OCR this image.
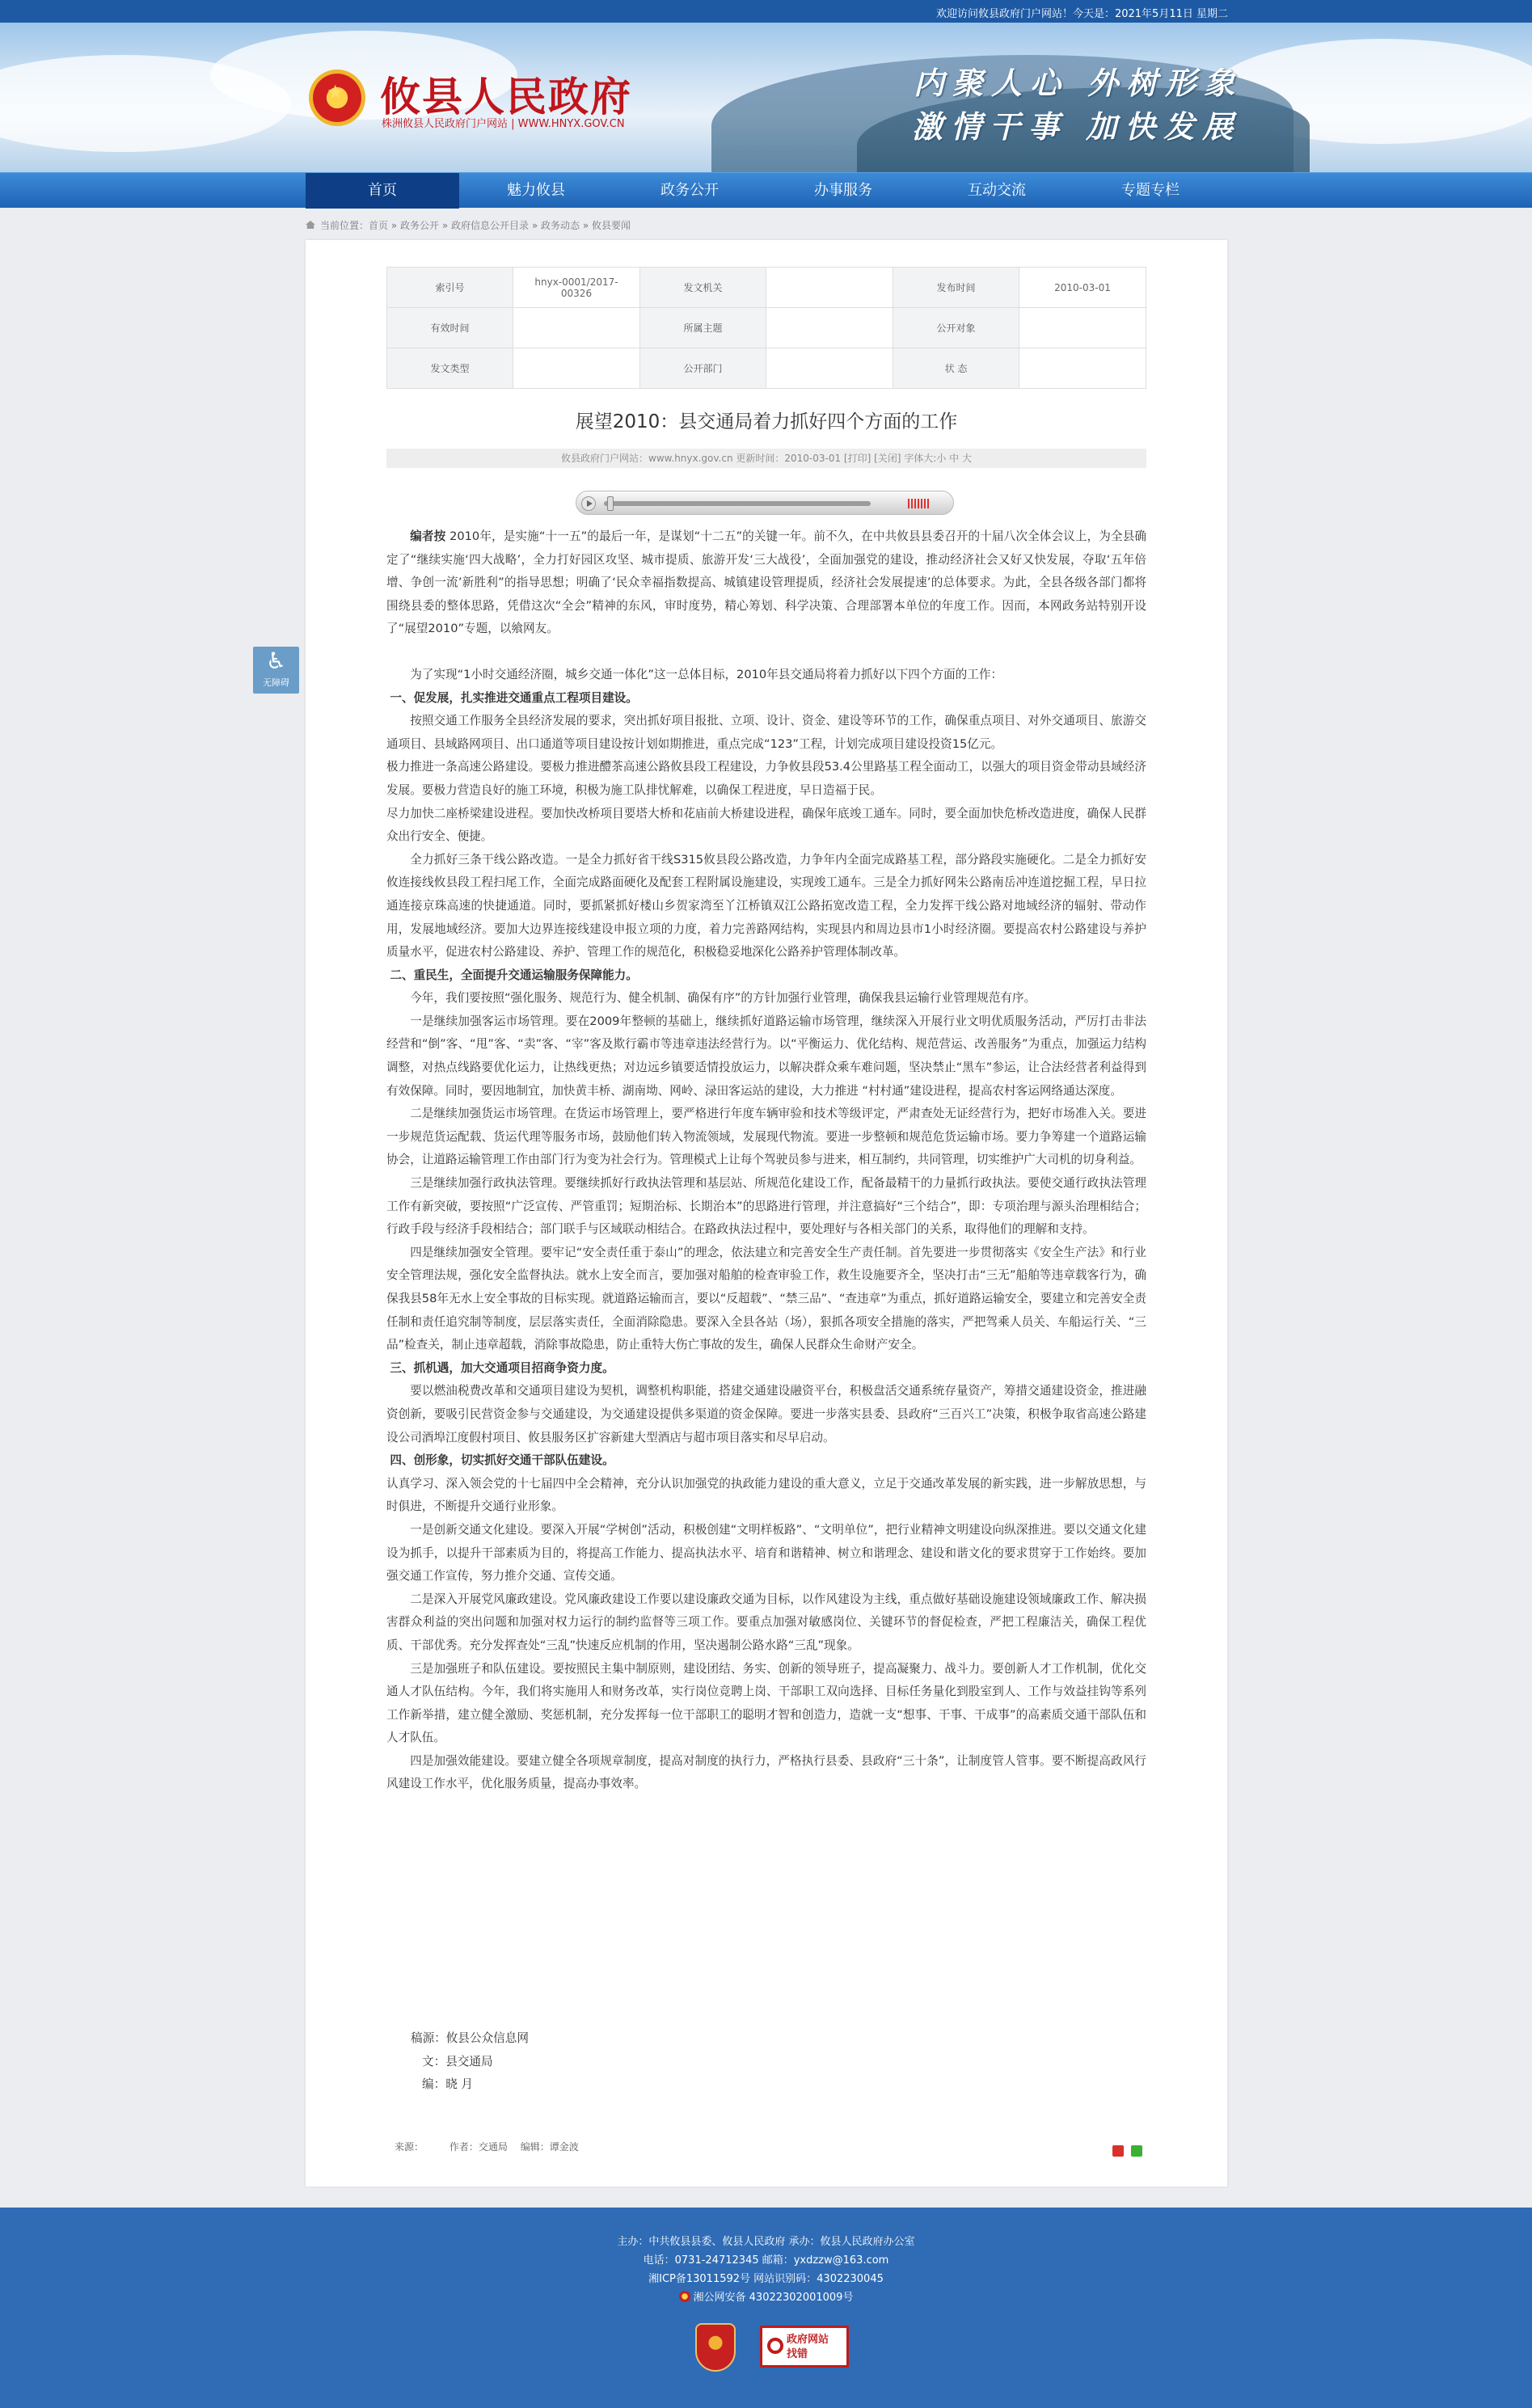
欢迎访问攸县政府门户网站！今天是：2021年5月11日 星期二
★ 攸县人民政府
株洲攸县人民政府门户网站 | WWW.HNYX.GOV.CN
内聚人心 外树形象
激情干事 加快发展
首页	魅力攸县	政务公开	办事服务	互动交流	专题专栏
当前位置：首页 » 政务公开 » 政府信息公开目录 » 政务动态 » 攸县要闻
♿
无障碍
索引号	hnyx-0001/2017-00326	发文机关		发布时间	2010-03-01
有效时间		所属主题		公开对象	
发文类型		公开部门		状 态	
展望2010：县交通局着力抓好四个方面的工作
攸县政府门户网站：www.hnyx.gov.cn 更新时间：2010-03-01 [打印] [关闭] 字体大:小 中 大

编者按 2010年，是实施“十一五”的最后一年，是谋划“十二五”的关键一年。前不久，在中共攸县县委召开的十届八次全体会议上，为全县确定了“继续实施‘四大战略’，全力打好园区攻坚、城市提质、旅游开发‘三大战役’，全面加强党的建设，推动经济社会又好又快发展，夺取‘五年倍增、争创一流’新胜利”的指导思想；明确了‘民众幸福指数提高、城镇建设管理提质，经济社会发展提速’的总体要求。为此，全县各级各部门都将围绕县委的整体思路，凭借这次“全会”精神的东风，审时度势，精心筹划、科学决策、合理部署本单位的年度工作。因而，本网政务站特别开设了“展望2010”专题，以飨网友。

为了实现“1小时交通经济圈，城乡交通一体化”这一总体目标，2010年县交通局将着力抓好以下四个方面的工作：

一、促发展，扎实推进交通重点工程项目建设。

按照交通工作服务全县经济发展的要求，突出抓好项目报批、立项、设计、资金、建设等环节的工作，确保重点项目、对外交通项目、旅游交通项目、县域路网项目、出口通道等项目建设按计划如期推进，重点完成“123”工程，计划完成项目建设投资15亿元。

极力推进一条高速公路建设。要极力推进醴茶高速公路攸县段工程建设，力争攸县段53.4公里路基工程全面动工，以强大的项目资金带动县域经济发展。要极力营造良好的施工环境，积极为施工队排忧解难，以确保工程进度，早日造福于民。

尽力加快二座桥梁建设进程。要加快改桥项目要塔大桥和花庙前大桥建设进程，确保年底竣工通车。同时，要全面加快危桥改造进度，确保人民群众出行安全、便捷。

全力抓好三条干线公路改造。一是全力抓好省干线S315攸县段公路改造，力争年内全面完成路基工程，部分路段实施硬化。二是全力抓好安攸连接线攸县段工程扫尾工作，全面完成路面硬化及配套工程附属设施建设，实现竣工通车。三是全力抓好网朱公路南岳冲连道挖掘工程，早日拉通连接京珠高速的快捷通道。同时，要抓紧抓好楼山乡贺家湾至丫江桥镇双江公路拓宽改造工程，全力发挥干线公路对地域经济的辐射、带动作用，发展地域经济。要加大边界连接线建设申报立项的力度，着力完善路网结构，实现县内和周边县市1小时经济圈。要提高农村公路建设与养护质量水平，促进农村公路建设、养护、管理工作的规范化，积极稳妥地深化公路养护管理体制改革。

二、重民生，全面提升交通运输服务保障能力。

今年，我们要按照“强化服务、规范行为、健全机制、确保有序”的方针加强行业管理，确保我县运输行业管理规范有序。

一是继续加强客运市场管理。要在2009年整顿的基础上，继续抓好道路运输市场管理，继续深入开展行业文明优质服务活动，严厉打击非法经营和“倒”客、“甩”客、“卖”客、“宰”客及欺行霸市等违章违法经营行为。以“平衡运力、优化结构、规范营运、改善服务”为重点，加强运力结构调整，对热点线路要优化运力，让热线更热；对边远乡镇要适情投放运力，以解决群众乘车难问题，坚决禁止“黑车”参运，让合法经营者利益得到有效保障。同时，要因地制宜，加快黄丰桥、湖南坳、网岭、渌田客运站的建设，大力推进 “村村通”建设进程，提高农村客运网络通达深度。

二是继续加强货运市场管理。在货运市场管理上，要严格进行年度车辆审验和技术等级评定，严肃查处无证经营行为，把好市场准入关。要进一步规范货运配载、货运代理等服务市场，鼓励他们转入物流领域，发展现代物流。要进一步整顿和规范危货运输市场。要力争筹建一个道路运输协会，让道路运输管理工作由部门行为变为社会行为。管理模式上让每个驾驶员参与进来，相互制约，共同管理，切实维护广大司机的切身利益。

三是继续加强行政执法管理。要继续抓好行政执法管理和基层站、所规范化建设工作，配备最精干的力量抓行政执法。要使交通行政执法管理工作有新突破，要按照“广泛宣传、严管重罚；短期治标、长期治本”的思路进行管理，并注意搞好“三个结合”，即：专项治理与源头治理相结合；行政手段与经济手段相结合；部门联手与区域联动相结合。在路政执法过程中，要处理好与各相关部门的关系，取得他们的理解和支持。

四是继续加强安全管理。要牢记“安全责任重于泰山”的理念，依法建立和完善安全生产责任制。首先要进一步贯彻落实《安全生产法》和行业安全管理法规，强化安全监督执法。就水上安全而言，要加强对船舶的检查审验工作，救生设施要齐全，坚决打击“三无”船舶等违章载客行为，确保我县58年无水上安全事故的目标实现。就道路运输而言，要以“反超载”、“禁三品”、“查违章”为重点，抓好道路运输安全，要建立和完善安全责任制和责任追究制等制度，层层落实责任，全面消除隐患。要深入全县各站（场），狠抓各项安全措施的落实，严把驾乘人员关、车船运行关、“三品”检查关，制止违章超载，消除事故隐患，防止重特大伤亡事故的发生，确保人民群众生命财产安全。

三、抓机遇，加大交通项目招商争资力度。

要以燃油税费改革和交通项目建设为契机，调整机构职能，搭建交通建设融资平台，积极盘活交通系统存量资产，筹措交通建设资金，推进融资创新，要吸引民营资金参与交通建设，为交通建设提供多渠道的资金保障。要进一步落实县委、县政府“三百兴工”决策，积极争取省高速公路建设公司酒埠江度假村项目、攸县服务区扩容新建大型酒店与超市项目落实和尽早启动。

四、创形象，切实抓好交通干部队伍建设。

认真学习、深入领会党的十七届四中全会精神，充分认识加强党的执政能力建设的重大意义，立足于交通改革发展的新实践，进一步解放思想，与时俱进，不断提升交通行业形象。

一是创新交通文化建设。要深入开展“学树创”活动，积极创建“文明样板路”、“文明单位”，把行业精神文明建设向纵深推进。要以交通文化建设为抓手，以提升干部素质为目的，将提高工作能力、提高执法水平、培育和谐精神、树立和谐理念、建设和谐文化的要求贯穿于工作始终。要加强交通工作宣传，努力推介交通、宣传交通。

二是深入开展党风廉政建设。党风廉政建设工作要以建设廉政交通为目标，以作风建设为主线，重点做好基础设施建设领域廉政工作、解决损害群众利益的突出问题和加强对权力运行的制约监督等三项工作。要重点加强对敏感岗位、关键环节的督促检查，严把工程廉洁关，确保工程优质、干部优秀。充分发挥查处“三乱”快速反应机制的作用，坚决遏制公路水路“三乱”现象。

三是加强班子和队伍建设。要按照民主集中制原则，建设团结、务实、创新的领导班子，提高凝聚力、战斗力。要创新人才工作机制，优化交通人才队伍结构。今年，我们将实施用人和财务改革，实行岗位竞聘上岗、干部职工双向选择、目标任务量化到股室到人、工作与效益挂钩等系列工作新举措，建立健全激励、奖惩机制，充分发挥每一位干部职工的聪明才智和创造力，造就一支“想事、干事、干成事”的高素质交通干部队伍和人才队伍。

四是加强效能建设。要建立健全各项规章制度，提高对制度的执行力，严格执行县委、县政府“三十条”，让制度管人管事。要不断提高政风行风建设工作水平，优化服务质量，提高办事效率。

稿源：攸县公众信息网
文：县交通局
编：晓 月
来源：	作者：交通局 编辑：谭金波

主办：中共攸县县委、攸县人民政府 承办：攸县人民政府办公室
电话：0731-24712345 邮箱：yxdzzw@163.com
湘ICP备13011592号 网站识别码：4302230045
湘公网安备 43022302001009号
政府网站
找错
